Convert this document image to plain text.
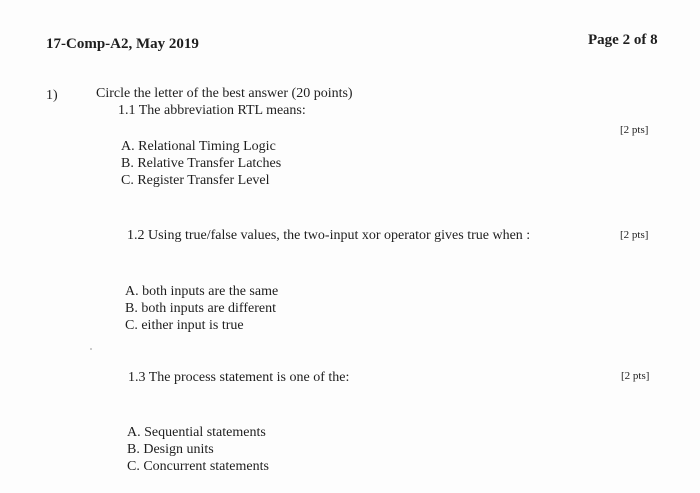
17-Comp-A2, May 2019	Page 2 of 8
1)	Circle the letter of the best answer (20 points)
1.1 The abbreviation RTL means:
[2 pts]
A. Relational Timing Logic
B. Relative Transfer Latches
C. Register Transfer Level
1.2 Using true/false values, the two-input xor operator gives true when :	[2 pts]
A. both inputs are the same
B. both inputs are different
C. either input is true
1.3 The process statement is one of the:	[2 pts]
A. Sequential statements
B. Design units
C. Concurrent statements
